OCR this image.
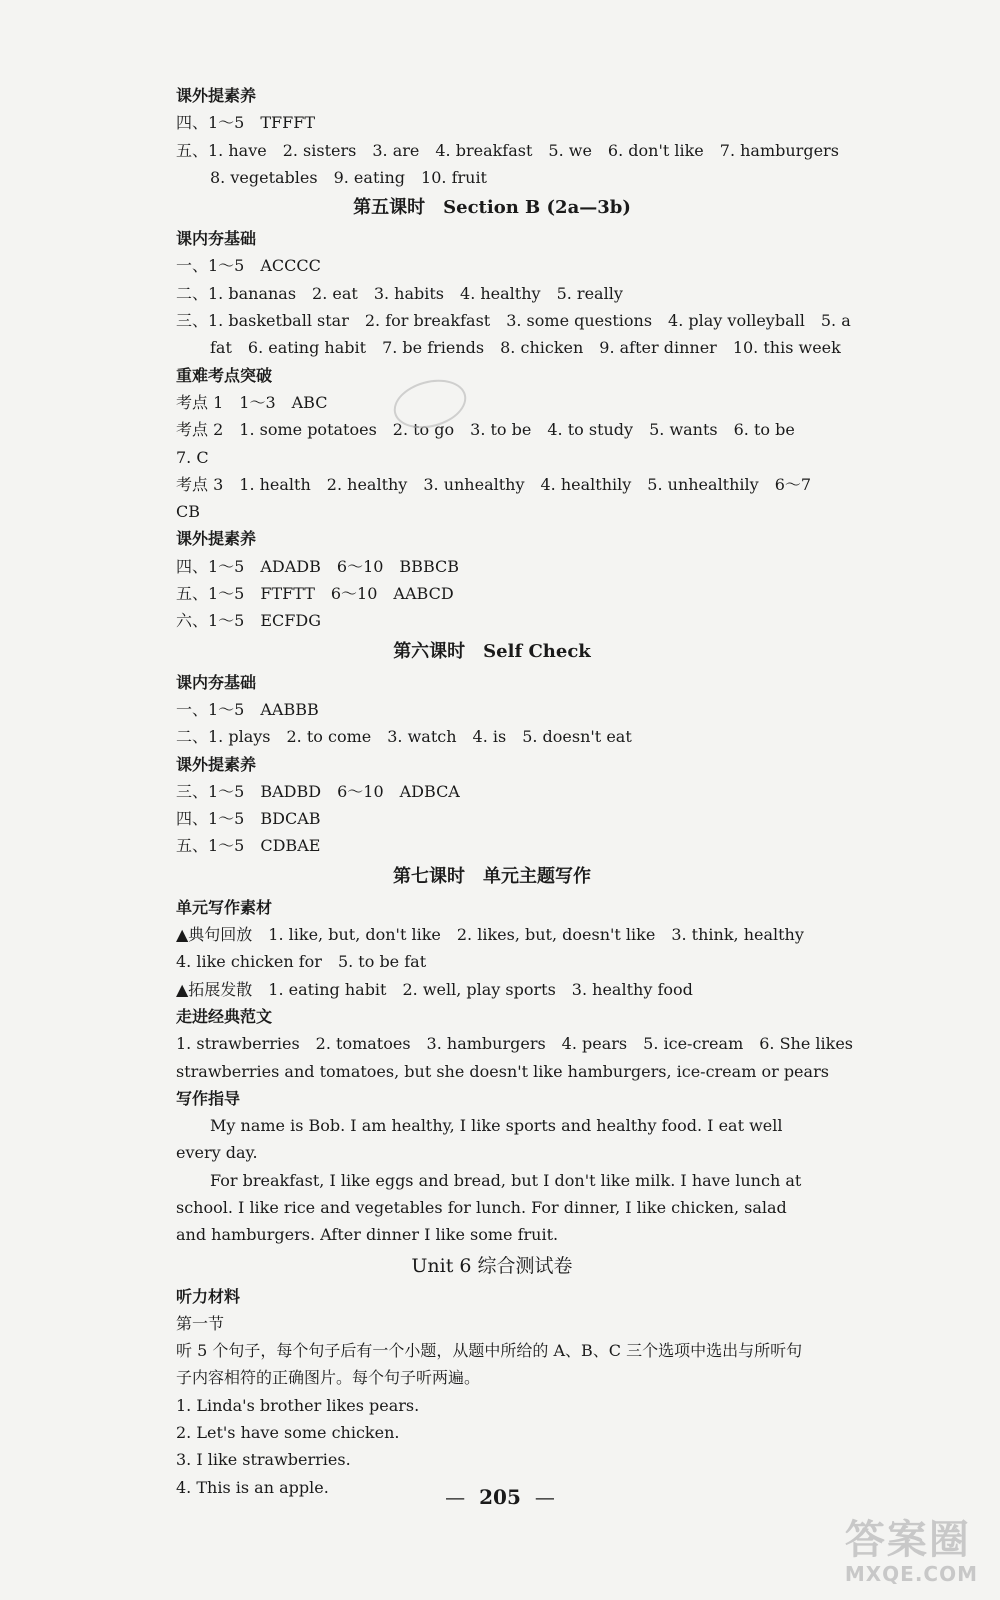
课外提素养
四、1～5　TFFFT
五、1. have　2. sisters　3. are　4. breakfast　5. we　6. don't like　7. hamburgers
8. vegetables　9. eating　10. fruit
第五课时　Section B (2a—3b)
课内夯基础
一、1～5　ACCCC
二、1. bananas　2. eat　3. habits　4. healthy　5. really
三、1. basketball star　2. for breakfast　3. some questions　4. play volleyball　5. a
fat　6. eating habit　7. be friends　8. chicken　9. after dinner　10. this week
重难考点突破
考点 1　1～3　ABC
考点 2　1. some potatoes　2. to go　3. to be　4. to study　5. wants　6. to be
7. C
考点 3　1. health　2. healthy　3. unhealthy　4. healthily　5. unhealthily　6～7
CB
课外提素养
四、1～5　ADADB　6～10　BBBCB
五、1～5　FTFTT　6～10　AABCD
六、1～5　ECFDG
第六课时　Self Check
课内夯基础
一、1～5　AABBB
二、1. plays　2. to come　3. watch　4. is　5. doesn't eat
课外提素养
三、1～5　BADBD　6～10　ADBCA
四、1～5　BDCAB
五、1～5　CDBAE
第七课时　单元主题写作
单元写作素材
▲典句回放　1. like, but, don't like　2. likes, but, doesn't like　3. think, healthy
4. like chicken for　5. to be fat
▲拓展发散　1. eating habit　2. well, play sports　3. healthy food
走进经典范文
1. strawberries　2. tomatoes　3. hamburgers　4. pears　5. ice-cream　6. She likes
strawberries and tomatoes, but she doesn't like hamburgers, ice-cream or pears
写作指导
My name is Bob. I am healthy, I like sports and healthy food. I eat well every day.
For breakfast, I like eggs and bread, but I don't like milk. I have lunch at school. I like rice and vegetables for lunch. For dinner, I like chicken, salad and hamburgers. After dinner I like some fruit.
Unit 6 综合测试卷
听力材料
第一节
听 5 个句子，每个句子后有一个小题，从题中所给的 A、B、C 三个选项中选出与所听句子内容相符的正确图片。每个句子听两遍。
1. Linda's brother likes pears.
2. Let's have some chicken.
3. I like strawberries.
4. This is an apple.	— 205 —
答案圈
MXQE.COM
